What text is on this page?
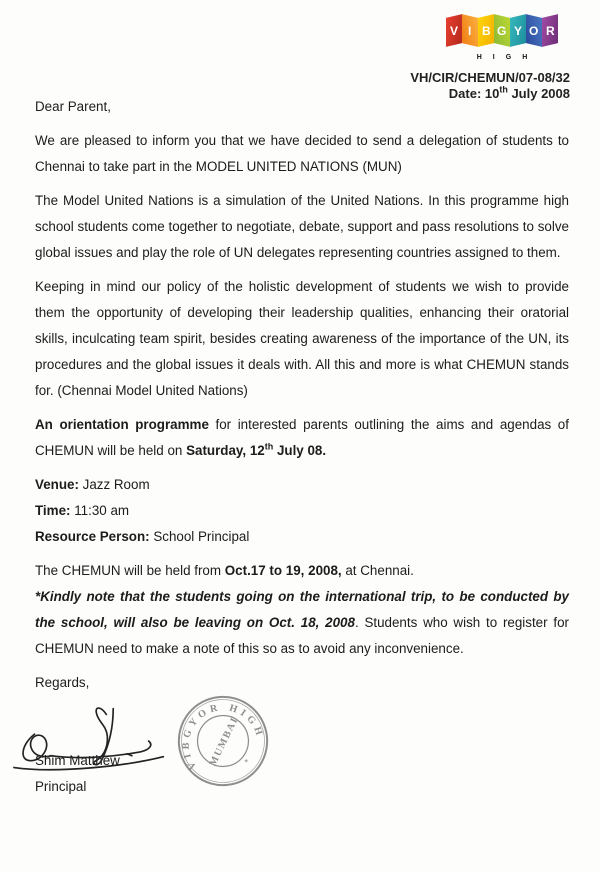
V I B G Y O R
HIGH
VH/CIR/CHEMUN/07-08/32
Date: 10th July 2008

Dear Parent,

We are pleased to inform you that we have decided to send a delegation of students to Chennai to take part in the MODEL UNITED NATIONS (MUN)

The Model United Nations is a simulation of the United Nations. In this programme high school students come together to negotiate, debate, support and pass resolutions to solve global issues and play the role of UN delegates representing countries assigned to them.

Keeping in mind our policy of the holistic development of students we wish to provide them the opportunity of developing their leadership qualities, enhancing their oratorial skills, inculcating team spirit, besides creating awareness of the importance of the UN, its procedures and the global issues it deals with. All this and more is what CHEMUN stands for. (Chennai Model United Nations)

An orientation programme for interested parents outlining the aims and agendas of CHEMUN will be held on Saturday, 12th July 08.

Venue: Jazz Room

Time: 11:30 am

Resource Person: School Principal

The CHEMUN will be held from Oct.17 to 19, 2008, at Chennai.

*Kindly note that the students going on the international trip, to be conducted by the school, will also be leaving on Oct. 18, 2008. Students who wish to register for CHEMUN need to make a note of this so as to avoid any inconvenience.

Regards,

VIBGYOR HIGH
MUMBAI *
Shim Matthew
Principal
